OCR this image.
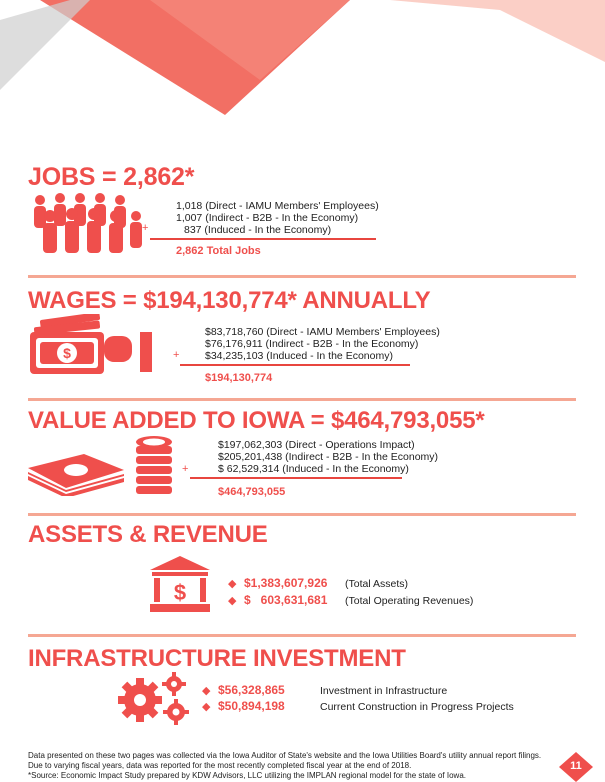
JOBS = 2,862*
1,018 (Direct - IAMU Members' Employees)
1,007 (Indirect - B2B - In the Economy)
837 (Induced - In the Economy)
+
2,862 Total Jobs
WAGES = $194,130,774* ANNUALLY
$
$83,718,760 (Direct - IAMU Members' Employees)
$76,176,911 (Indirect - B2B - In the Economy)
$34,235,103 (Induced - In the Economy)
+
$194,130,774
VALUE ADDED TO IOWA = $464,793,055*
$197,062,303 (Direct - Operations Impact)
$205,201,438 (Indirect - B2B - In the Economy)
$ 62,529,314 (Induced - In the Economy)
+
$464,793,055
ASSETS & REVENUE
$	◆ $1,383,607,926 (Total Assets)
◆ $   603,631,681 (Total Operating Revenues)
INFRASTRUCTURE INVESTMENT
◆ $56,328,865	Investment in Infrastructure
◆ $50,894,198	Current Construction in Progress Projects
Data presented on these two pages was collected via the Iowa Auditor of State's website and the Iowa Utilities Board's utility annual report filings.
Due to varying fiscal years, data was reported for the most recently completed fiscal year at the end of 2018.
*Source: Economic Impact Study prepared by KDW Advisors, LLC utilizing the IMPLAN regional model for the state of Iowa.
11
